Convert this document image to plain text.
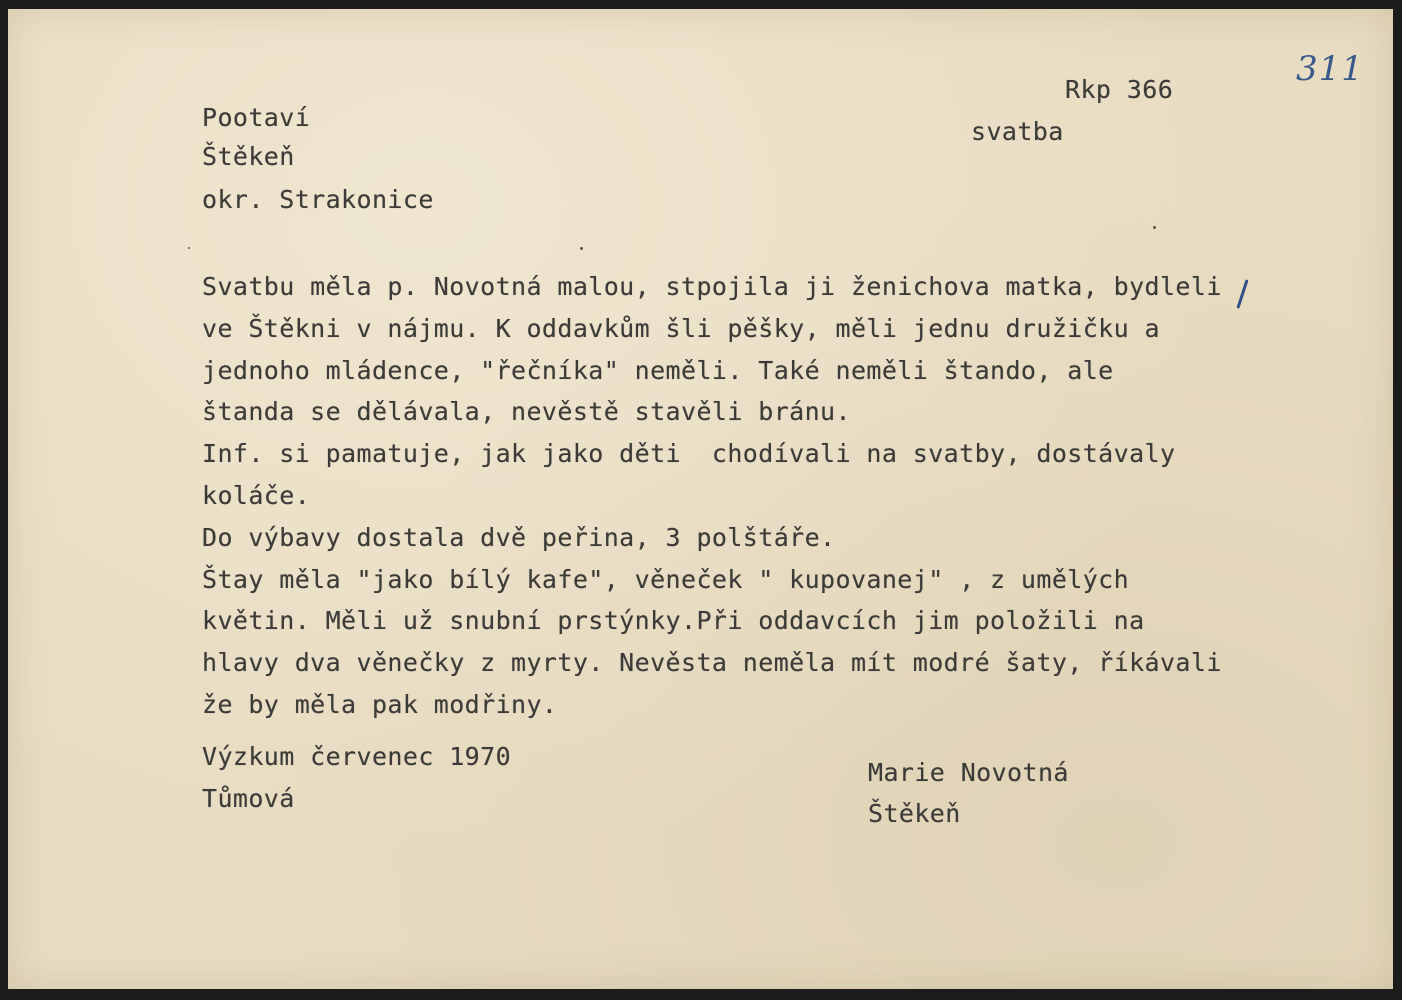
311
Pootaví
Štěkeň
okr. Strakonice
Rkp 366
svatba
Svatbu měla p. Novotná malou, stpojila ji ženichova matka, bydleli
ve Štěkni v nájmu. K oddavkům šli pěšky, měli jednu družičku a
jednoho mládence, "řečníka" neměli. Také neměli štando, ale
štanda se dělávala, nevěstě stavěli bránu.
Inf. si pamatuje, jak jako děti  chodívali na svatby, dostávaly
koláče.
Do výbavy dostala dvě peřina, 3 polštáře.
Štay měla "jako bílý kafe", věneček " kupovanej" , z umělých
květin. Měli už snubní prstýnky.Při oddavcích jim položili na
hlavy dva věnečky z myrty. Nevěsta neměla mít modré šaty, říkávali
že by měla pak modřiny.
Výzkum červenec 1970
Tůmová
Marie Novotná
Štěkeň
